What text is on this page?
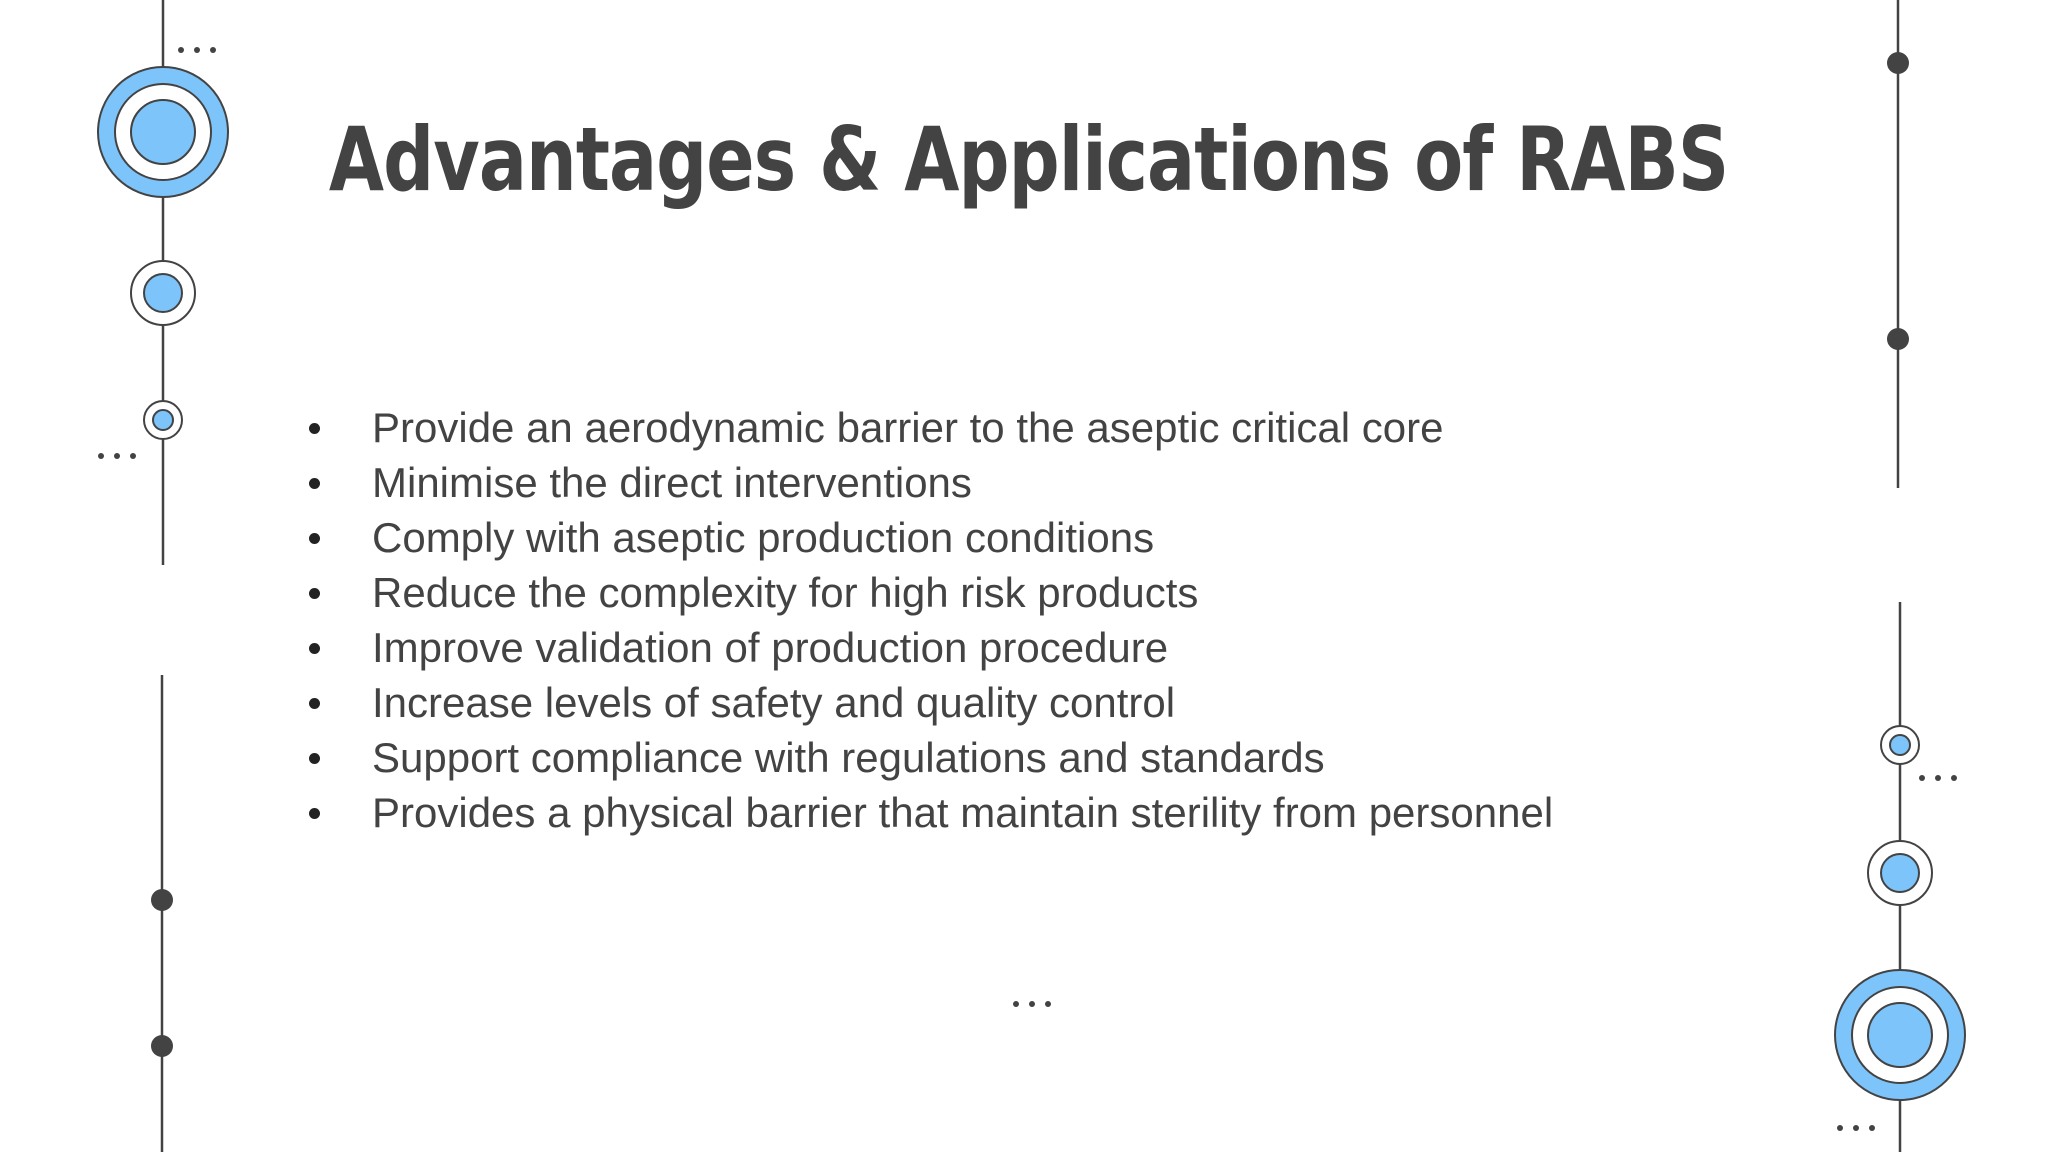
Advantages & Applications of RABS
Provide an aerodynamic barrier to the aseptic critical core
Minimise the direct interventions
Comply with aseptic production conditions
Reduce the complexity for high risk products
Improve validation of production procedure
Increase levels of safety and quality control
Support compliance with regulations and standards
Provides a physical barrier that maintain sterility from personnel
